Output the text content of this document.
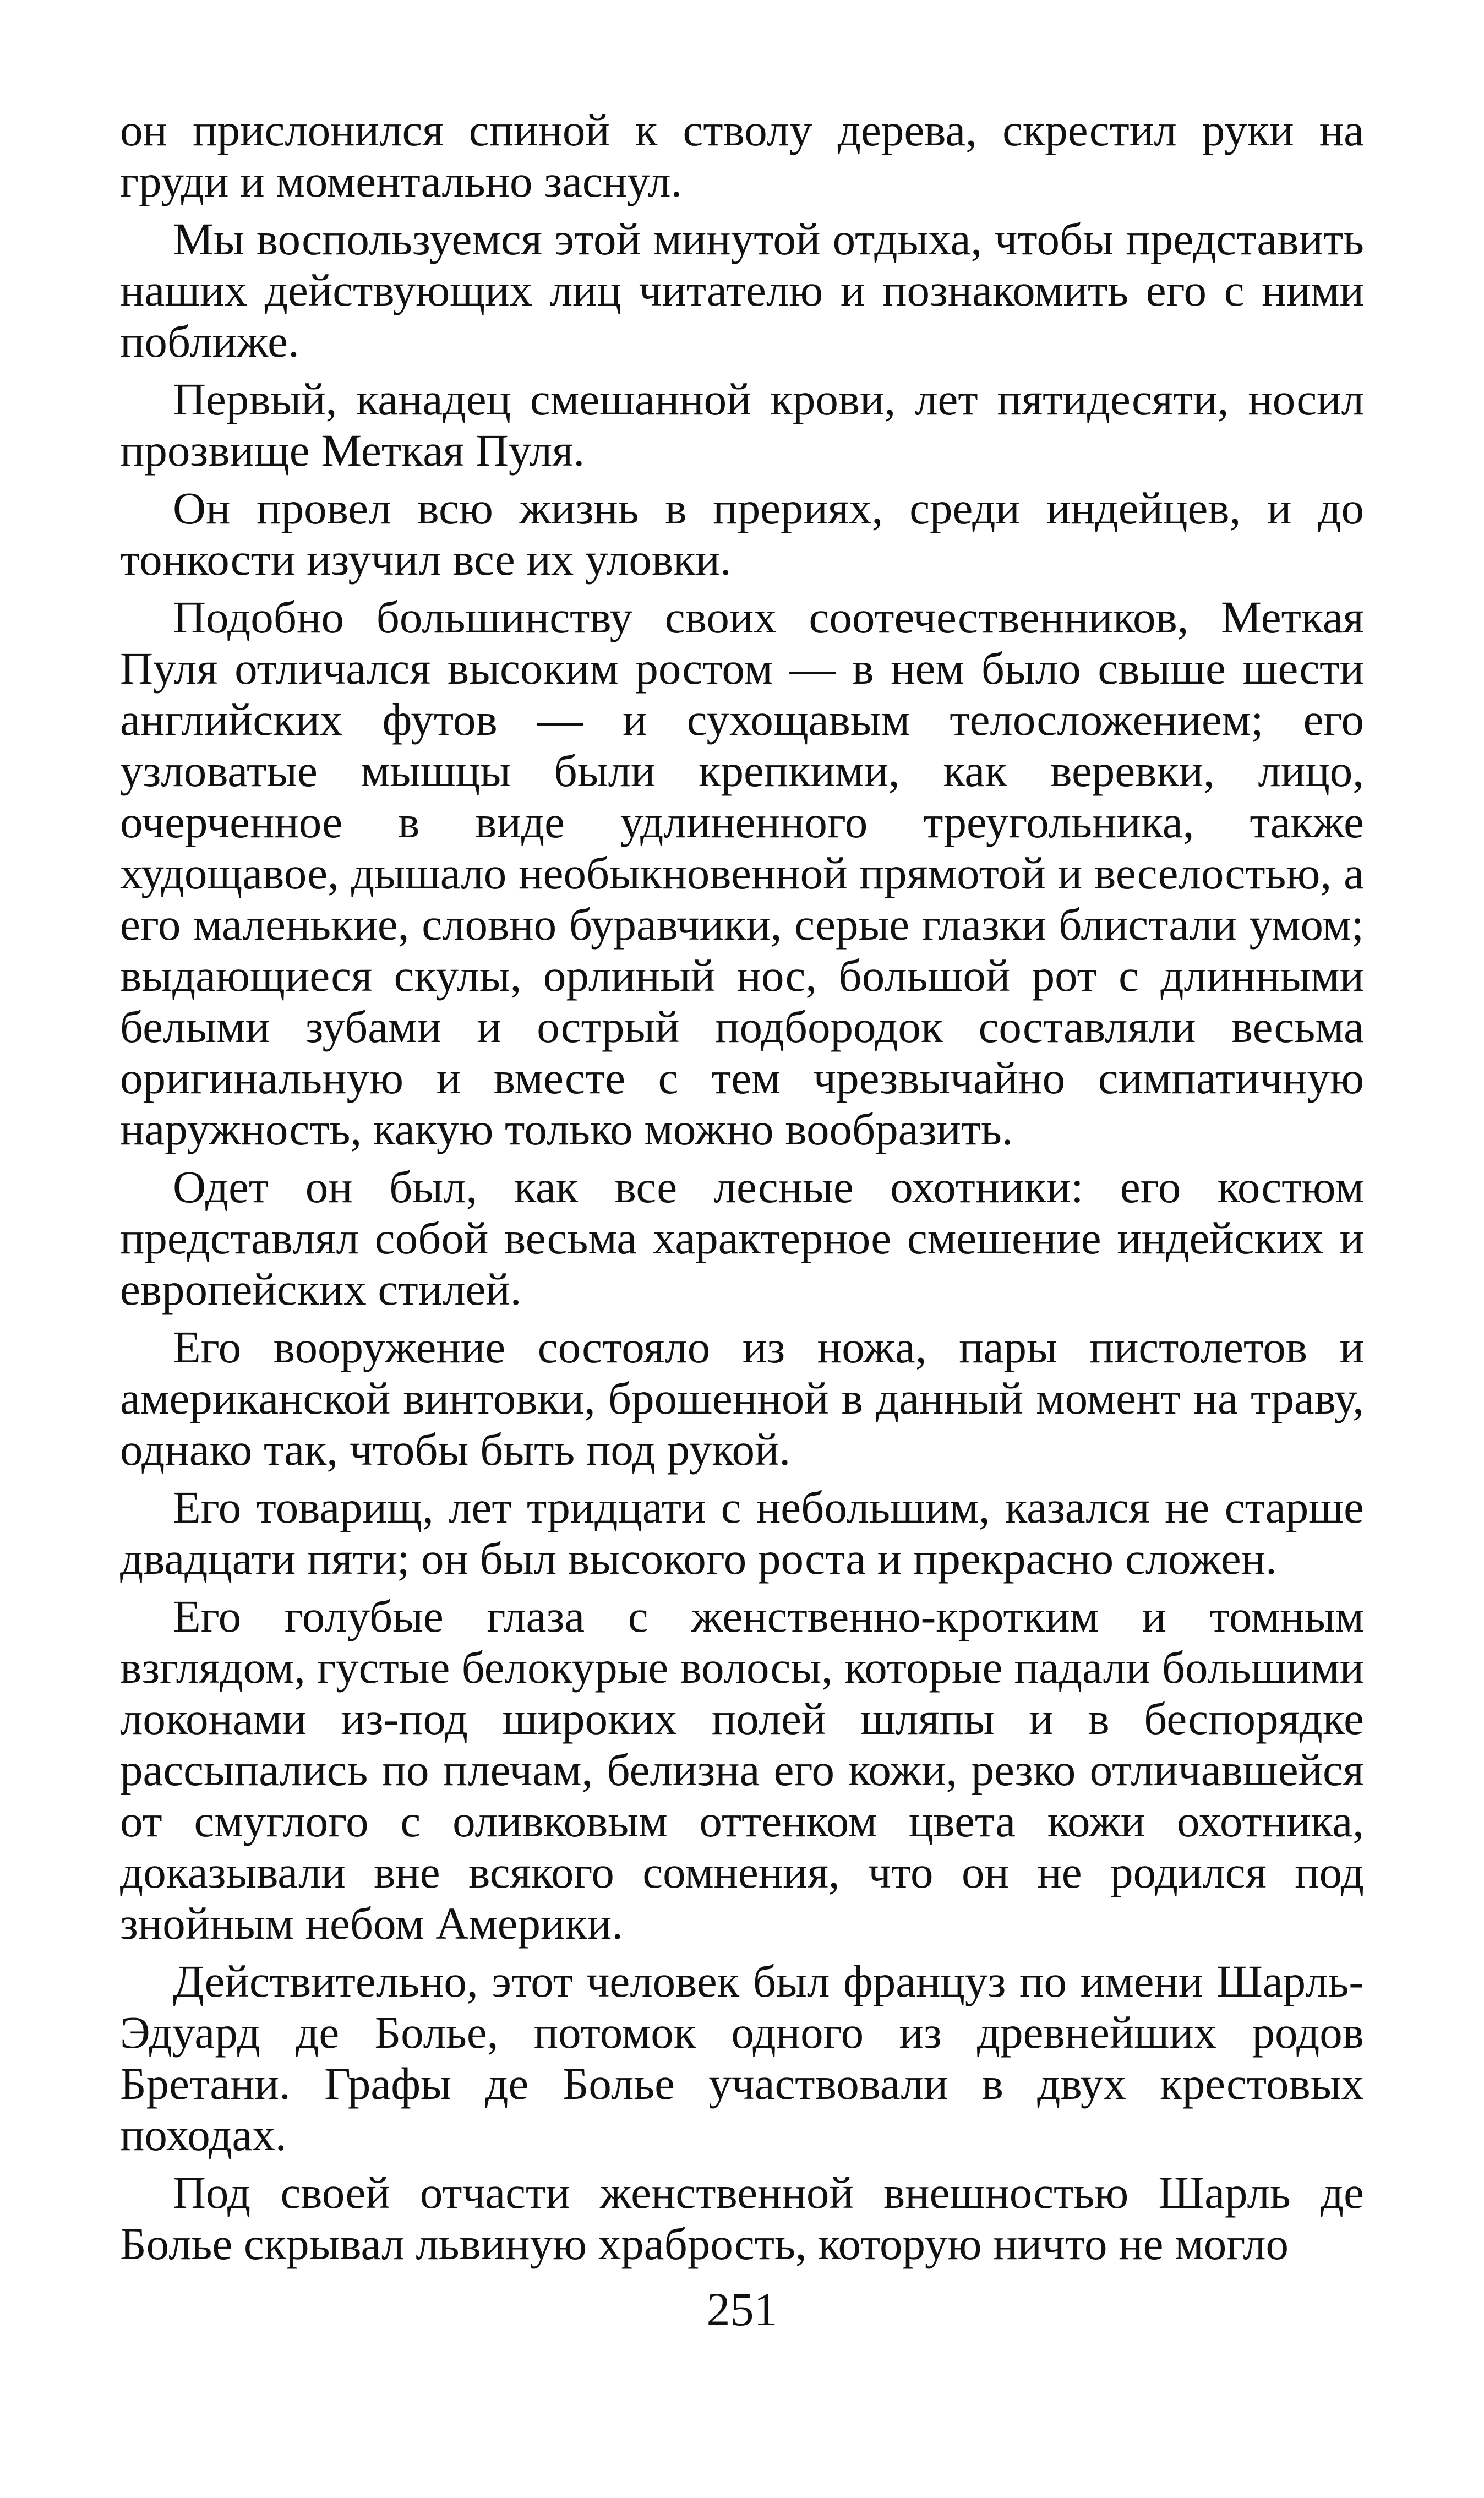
он прислонился спиной к стволу дерева, скрестил руки на груди и моментально заснул.

Мы воспользуемся этой минутой отдыха, чтобы представить наших действующих лиц читателю и познакомить его с ними поближе.

Первый, канадец смешанной крови, лет пятидесяти, носил прозвище Меткая Пуля.

Он провел всю жизнь в прериях, среди индейцев, и до тонкости изучил все их уловки.

Подобно большинству своих соотечественников, Меткая Пуля отличался высоким ростом — в нем было свыше шести английских футов — и сухощавым телосложением; его узловатые мышцы были крепкими, как веревки, лицо, очерченное в виде удлиненного треугольника, также худощавое, дышало необыкновенной прямотой и веселостью, а его маленькие, словно буравчики, серые глазки блистали умом; выдающиеся скулы, орлиный нос, большой рот с длинными белыми зубами и острый подбородок составляли весьма оригинальную и вместе с тем чрезвычайно симпатичную наружность, какую только можно вообразить.

Одет он был, как все лесные охотники: его костюм представлял собой весьма характерное смешение индейских и европейских стилей.

Его вооружение состояло из ножа, пары пистолетов и американской винтовки, брошенной в данный момент на траву, однако так, чтобы быть под рукой.

Его товарищ, лет тридцати с небольшим, казался не старше двадцати пяти; он был высокого роста и прекрасно сложен.

Его голубые глаза с женственно-кротким и томным взглядом, густые белокурые волосы, которые падали большими локонами из-под широких полей шляпы и в беспорядке рассыпались по плечам, белизна его кожи, резко отличавшейся от смуглого с оливковым оттенком цвета кожи охотника, доказывали вне всякого сомнения, что он не родился под знойным небом Америки.

Действительно, этот человек был француз по имени Шарль-Эдуард де Болье, потомок одного из древнейших родов Бретани. Графы де Болье участвовали в двух крестовых походах.

Под своей отчасти женственной внешностью Шарль де Болье скрывал львиную храбрость, которую ничто не могло

251
